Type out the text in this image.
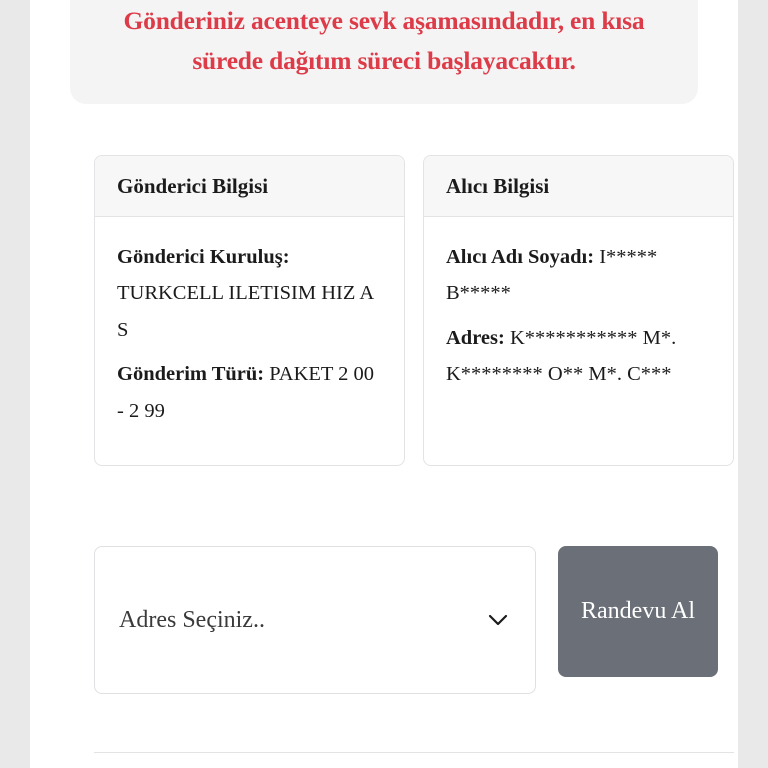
Gönderiniz acenteye sevk aşamasındadır, en kısa sürede dağıtım süreci başlayacaktır.
Gönderici Bilgisi
Gönderici Kuruluş: TURKCELL ILETISIM HIZ A S
Gönderim Türü: PAKET 2 00 - 2 99
Alıcı Bilgisi
Alıcı Adı Soyadı: I***** B*****
Adres: K*********** M*. K******** O** M*. C***
Adres Seçiniz..	Randevu Al
